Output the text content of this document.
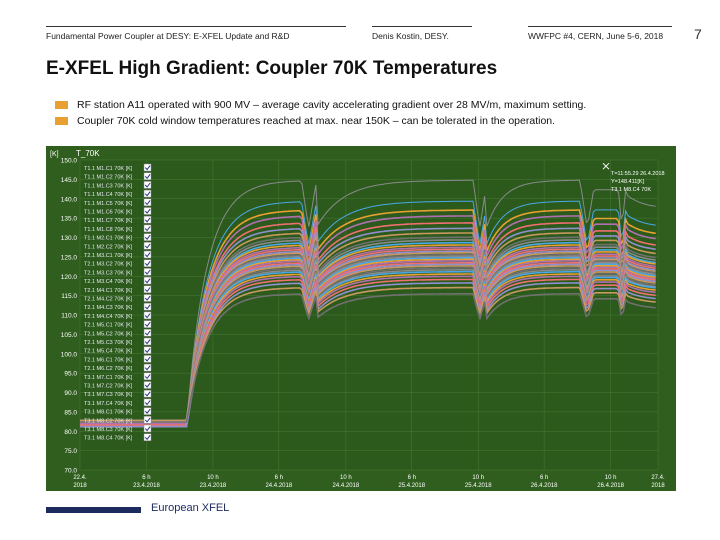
Fundamental Power Coupler at DESY: E-XFEL Update and R&D	Denis Kostin, DESY.	WWFPC #4, CERN, June 5-6, 2018 7
E-XFEL High Gradient: Coupler 70K Temperatures
RF station A11 operated with 900 MV – average cavity accelerating gradient over 28 MV/m, maximum setting.
Coupler 70K cold window temperatures reached at max. near 150K – can be tolerated in the operation.
150.0
145.0
140.0
135.0
130.0
125.0
120.0
115.0
110.0
105.0
100.0
95.0
90.0
85.0
80.0
75.0
70.0
22.4.
2018
6 h
23.4.2018
10 h
23.4.2018
6 h
24.4.2018
10 h
24.4.2018
6 h
25.4.2018
10 h
25.4.2018
6 h
26.4.2018
10 h
26.4.2018
27.4.
2018
T1.1 M1.C1 70K [K]
T1.1 M1.C2 70K [K]
T1.1 M1.C3 70K [K]
T1.1 M1.C4 70K [K]
T1.1 M1.C5 70K [K]
T1.1 M1.C6 70K [K]
T1.1 M1.C7 70K [K]
T1.1 M1.C8 70K [K]
T1.1 M2.C1 70K [K]
T1.1 M2.C2 70K [K]
T2.1 M3.C1 70K [K]
T2.1 M3.C2 70K [K]
T2.1 M3.C3 70K [K]
T2.1 M3.C4 70K [K]
T2.1 M4.C1 70K [K]
T2.1 M4.C2 70K [K]
T2.1 M4.C3 70K [K]
T2.1 M4.C4 70K [K]
T2.1 M5.C1 70K [K]
T2.1 M5.C2 70K [K]
T2.1 M5.C3 70K [K]
T2.1 M5.C4 70K [K]
T2.1 M6.C1 70K [K]
T2.1 M6.C2 70K [K]
T3.1 M7.C1 70K [K]
T3.1 M7.C2 70K [K]
T3.1 M7.C3 70K [K]
T3.1 M7.C4 70K [K]
T3.1 M8.C1 70K [K]
T3.1 M8.C2 70K [K]
T3.1 M8.C3 70K [K]
T3.1 M8.C4 70K [K]
T=11:55.29 26.4.2018
Y=148.411[K]
T3.1 M8.C4 70K
[K] T_70K
European XFEL
